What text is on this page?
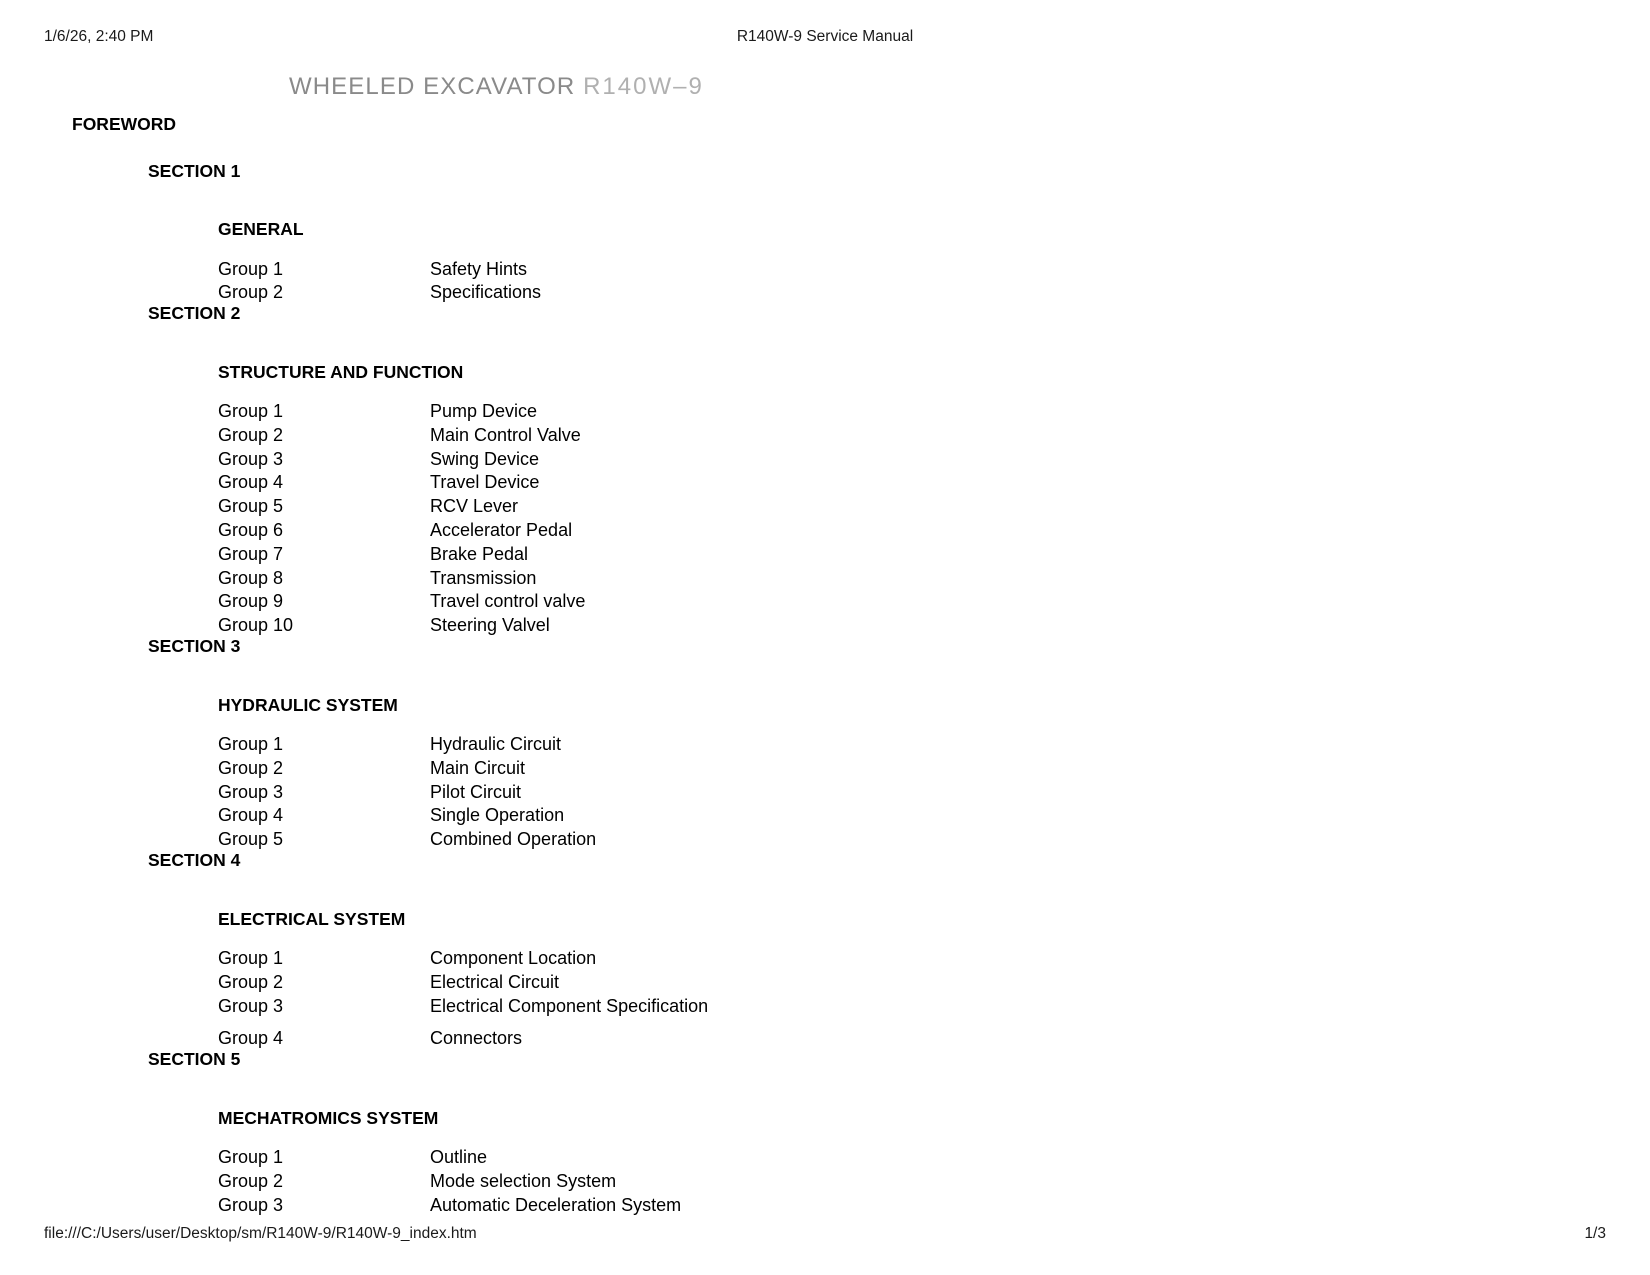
1/6/26, 2:40 PM	R140W-9 Service Manual
WHEELED EXCAVATOR R140W–9
FOREWORD
SECTION 1
GENERAL
Group 1	Safety Hints
Group 2	Specifications
SECTION 2
STRUCTURE AND FUNCTION
Group 1	Pump Device
Group 2	Main Control Valve
Group 3	Swing Device
Group 4	Travel Device
Group 5	RCV Lever
Group 6	Accelerator Pedal
Group 7	Brake Pedal
Group 8	Transmission
Group 9	Travel control valve
Group 10	Steering Valvel
SECTION 3
HYDRAULIC SYSTEM
Group 1	Hydraulic Circuit
Group 2	Main Circuit
Group 3	Pilot Circuit
Group 4	Single Operation
Group 5	Combined Operation
SECTION 4
ELECTRICAL SYSTEM
Group 1	Component Location
Group 2	Electrical Circuit
Group 3	Electrical Component Specification

Group 4	Connectors
SECTION 5
MECHATROMICS SYSTEM
Group 1	Outline
Group 2	Mode selection System
Group 3	Automatic Deceleration System
file:///C:/Users/user/Desktop/sm/R140W-9/R140W-9_index.htm	1/3
